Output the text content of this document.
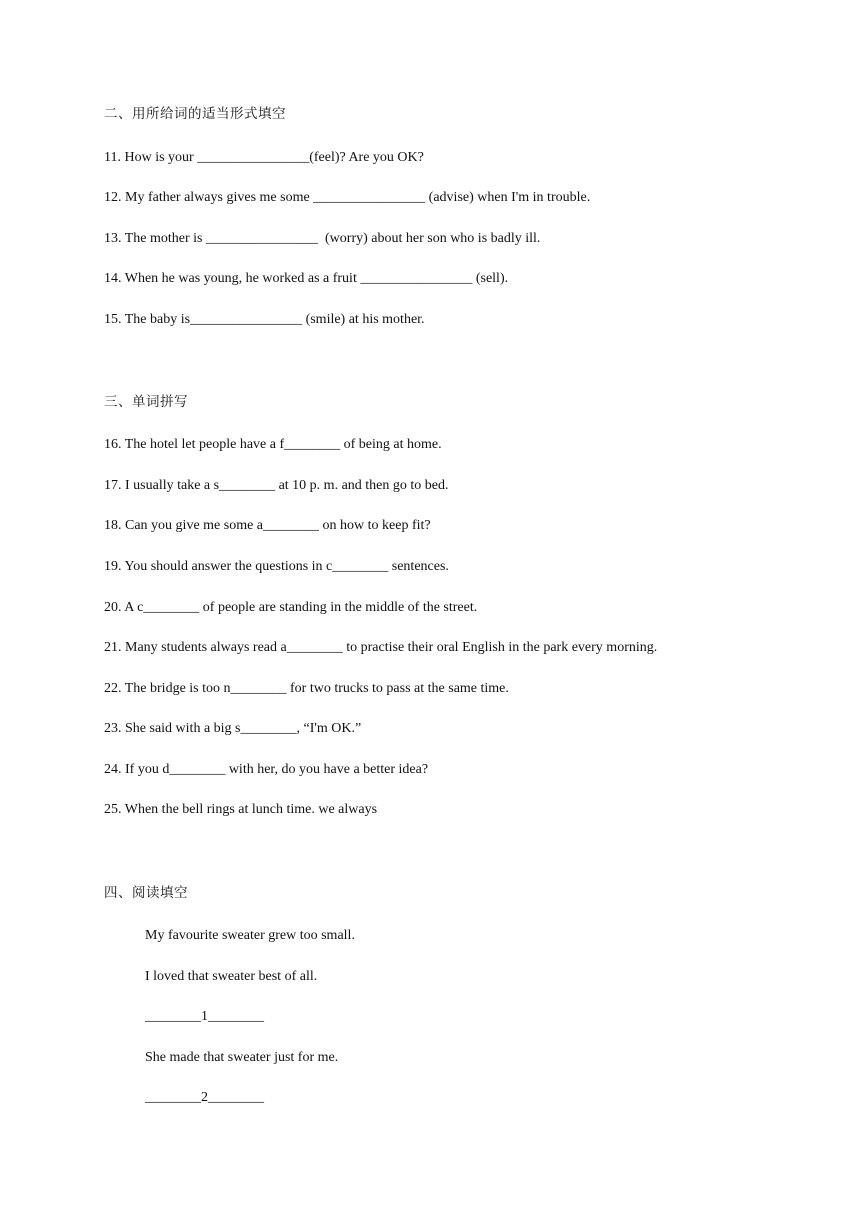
二、用所给词的适当形式填空
11. How is your ________________(feel)? Are you OK?
12. My father always gives me some ________________ (advise) when I'm in trouble.
13. The mother is ________________  (worry) about her son who is badly ill.
14. When he was young, he worked as a fruit ________________ (sell).
15. The baby is________________ (smile) at his mother.
三、单词拼写
16. The hotel let people have a f________ of being at home.
17. I usually take a s________ at 10 p. m. and then go to bed.
18. Can you give me some a________ on how to keep fit?
19. You should answer the questions in c________ sentences.
20. A c________ of people are standing in the middle of the street.
21. Many students always read a________ to practise their oral English in the park every morning.
22. The bridge is too n________ for two trucks to pass at the same time.
23. She said with a big s________, “I'm OK.”
24. If you d________ with her, do you have a better idea?
25. When the bell rings at lunch time. we always
四、阅读填空
My favourite sweater grew too small.
I loved that sweater best of all.
________1________
She made that sweater just for me.
________2________
